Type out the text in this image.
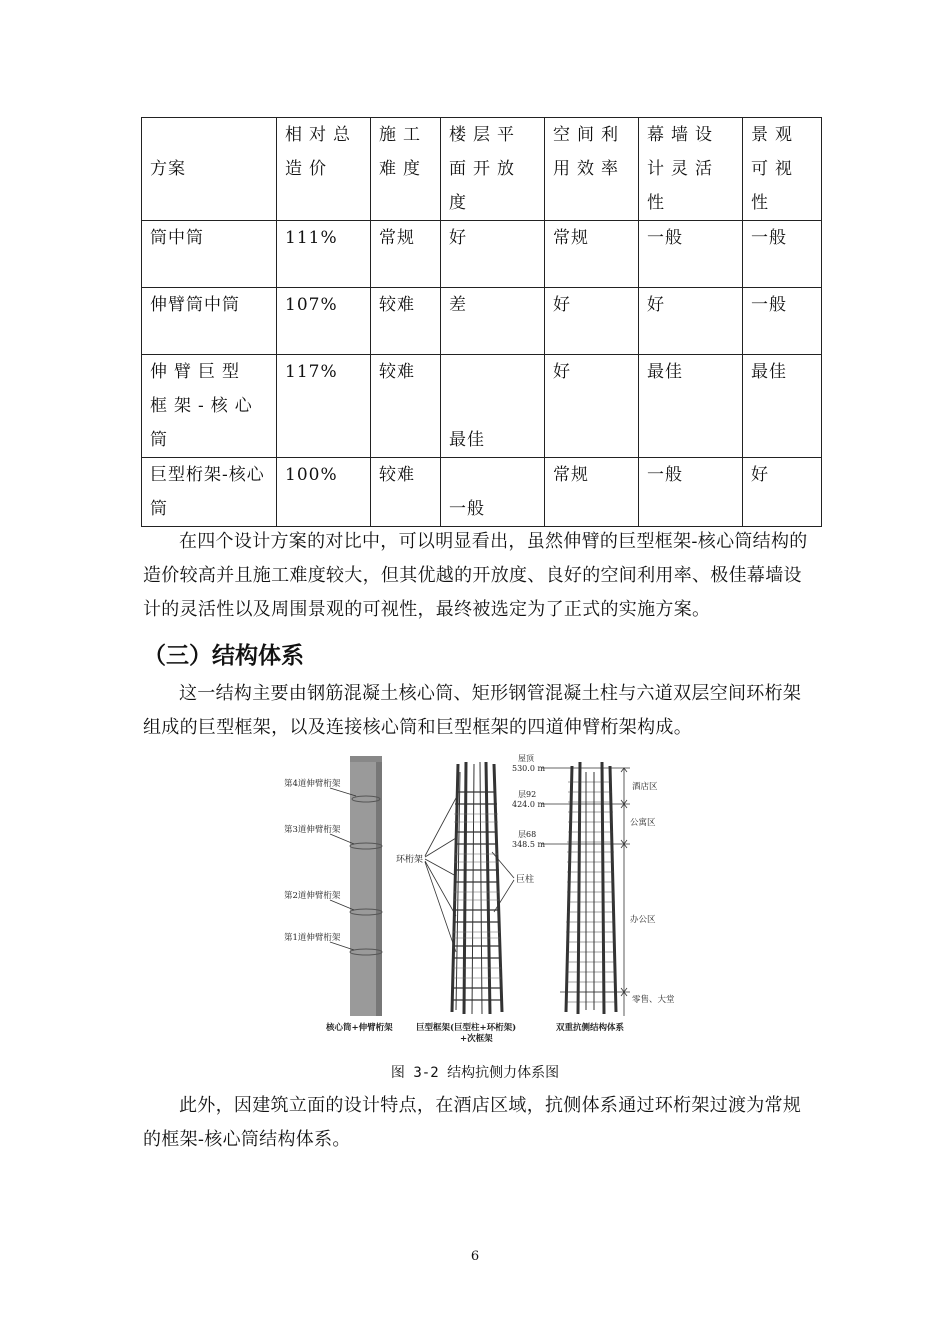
方案	相对总造价	施工难度	楼层平面开放度	空间利用效率	幕墙设计灵活性	景观可视性
筒中筒	111%	常规	好	常规	一般	一般
伸臂筒中筒	107%	较难	差	好	好	一般
伸臂巨型框架-核心筒	117%	较难	最佳	好	最佳	最佳
巨型桁架-核心筒	100%	较难	一般	常规	一般	好

在四个设计方案的对比中，可以明显看出，虽然伸臂的巨型框架-核心筒结构的造价较高并且施工难度较大，但其优越的开放度、良好的空间利用率、极佳幕墙设计的灵活性以及周围景观的可视性，最终被选定为了正式的实施方案。

（三）结构体系

这一结构主要由钢筋混凝土核心筒、矩形钢管混凝土柱与六道双层空间环桁架组成的巨型框架，以及连接核心筒和巨型框架的四道伸臂桁架构成。

第4道伸臂桁架
第3道伸臂桁架
第2道伸臂桁架
第1道伸臂桁架
环桁架
巨柱
屋顶
530.0 m
层92
424.0 m
层68
348.5 m
酒店区
公寓区
办公区
零售、大堂
核心筒+伸臂桁架	巨型框架(巨型柱+环桁架)
+次框架
双重抗侧结构体系
图 3-2 结构抗侧力体系图

此外，因建筑立面的设计特点，在酒店区域，抗侧体系通过环桁架过渡为常规的框架-核心筒结构体系。

6
